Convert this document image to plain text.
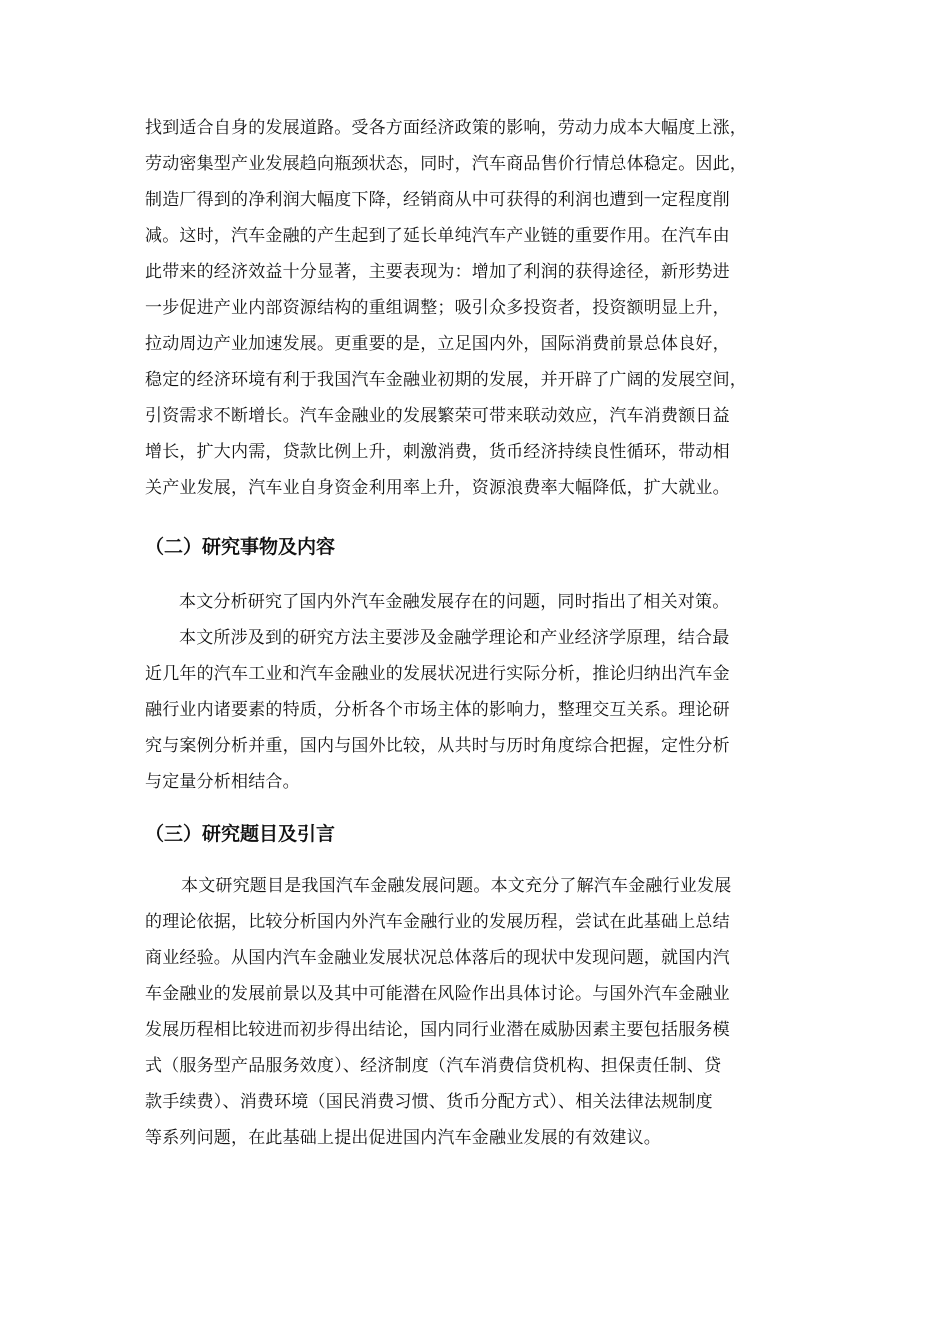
找到适合自身的发展道路。受各方面经济政策的影响，劳动力成本大幅度上涨，
劳动密集型产业发展趋向瓶颈状态，同时，汽车商品售价行情总体稳定。因此，
制造厂得到的净利润大幅度下降，经销商从中可获得的利润也遭到一定程度削
减。这时，汽车金融的产生起到了延长单纯汽车产业链的重要作用。在汽车由
此带来的经济效益十分显著，主要表现为：增加了利润的获得途径，新形势进
一步促进产业内部资源结构的重组调整；吸引众多投资者，投资额明显上升，
拉动周边产业加速发展。更重要的是，立足国内外，国际消费前景总体良好，
稳定的经济环境有利于我国汽车金融业初期的发展，并开辟了广阔的发展空间，
引资需求不断增长。汽车金融业的发展繁荣可带来联动效应，汽车消费额日益
增长，扩大内需，贷款比例上升，刺激消费，货币经济持续良性循环，带动相
关产业发展，汽车业自身资金利用率上升，资源浪费率大幅降低，扩大就业。
（二）研究事物及内容
本文分析研究了国内外汽车金融发展存在的问题，同时指出了相关对策。
本文所涉及到的研究方法主要涉及金融学理论和产业经济学原理，结合最
近几年的汽车工业和汽车金融业的发展状况进行实际分析，推论归纳出汽车金
融行业内诸要素的特质，分析各个市场主体的影响力，整理交互关系。理论研
究与案例分析并重，国内与国外比较，从共时与历时角度综合把握，定性分析
与定量分析相结合。
（三）研究题目及引言
本文研究题目是我国汽车金融发展问题。本文充分了解汽车金融行业发展
的理论依据，比较分析国内外汽车金融行业的发展历程，尝试在此基础上总结
商业经验。从国内汽车金融业发展状况总体落后的现状中发现问题，就国内汽
车金融业的发展前景以及其中可能潜在风险作出具体讨论。与国外汽车金融业
发展历程相比较进而初步得出结论，国内同行业潜在威胁因素主要包括服务模
式（服务型产品服务效度）、经济制度（汽车消费信贷机构、担保责任制、贷
款手续费）、消费环境（国民消费习惯、货币分配方式）、相关法律法规制度
等系列问题，在此基础上提出促进国内汽车金融业发展的有效建议。
